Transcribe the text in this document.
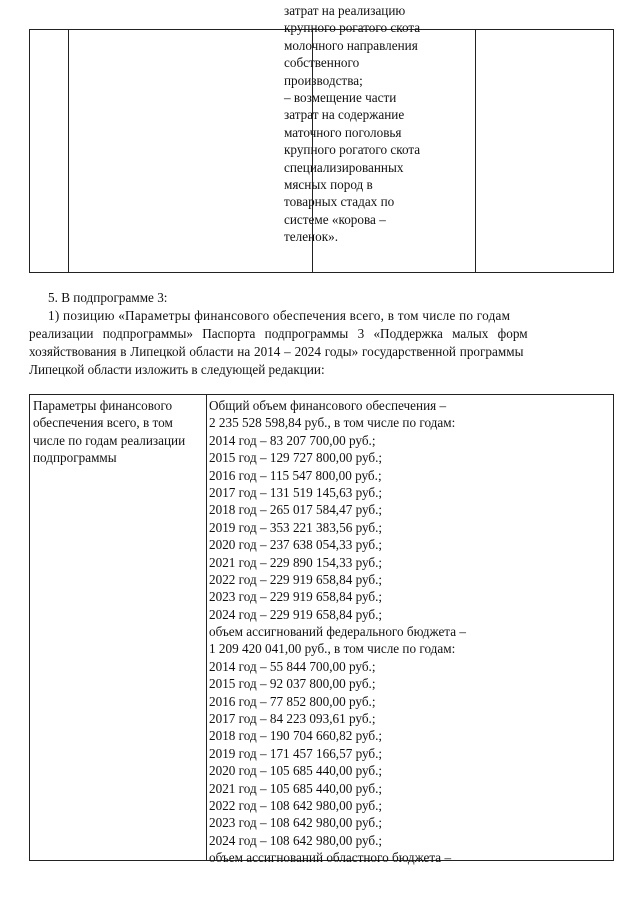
затрат на реализацию
крупного рогатого скота
молочного направления
собственного
производства;
– возмещение части
затрат на содержание
маточного поголовья
крупного рогатого скота
специализированных
мясных пород в
товарных стадах по
системе «корова –
теленок».
5. В подпрограмме 3:
1) позицию «Параметры финансового обеспечения всего, в том числе по годам
реализации подпрограммы» Паспорта подпрограммы 3 «Поддержка малых форм
хозяйствования в Липецкой области на 2014 – 2024 годы» государственной программы
Липецкой области изложить в следующей редакции:
Параметры финансового
обеспечения всего, в том
числе по годам реализации
подпрограммы
Общий объем финансового обеспечения –
2 235 528 598,84 руб., в том числе по годам:
2014 год – 83 207 700,00 руб.;
2015 год – 129 727 800,00 руб.;
2016 год – 115 547 800,00 руб.;
2017 год – 131 519 145,63 руб.;
2018 год – 265 017 584,47 руб.;
2019 год – 353 221 383,56 руб.;
2020 год – 237 638 054,33 руб.;
2021 год – 229 890 154,33 руб.;
2022 год – 229 919 658,84 руб.;
2023 год – 229 919 658,84 руб.;
2024 год – 229 919 658,84 руб.;
объем ассигнований федерального бюджета –
1 209 420 041,00 руб., в том числе по годам:
2014 год – 55 844 700,00 руб.;
2015 год – 92 037 800,00 руб.;
2016 год – 77 852 800,00 руб.;
2017 год – 84 223 093,61 руб.;
2018 год – 190 704 660,82 руб.;
2019 год – 171 457 166,57 руб.;
2020 год – 105 685 440,00 руб.;
2021 год – 105 685 440,00 руб.;
2022 год – 108 642 980,00 руб.;
2023 год – 108 642 980,00 руб.;
2024 год – 108 642 980,00 руб.;
объем ассигнований областного бюджета –
